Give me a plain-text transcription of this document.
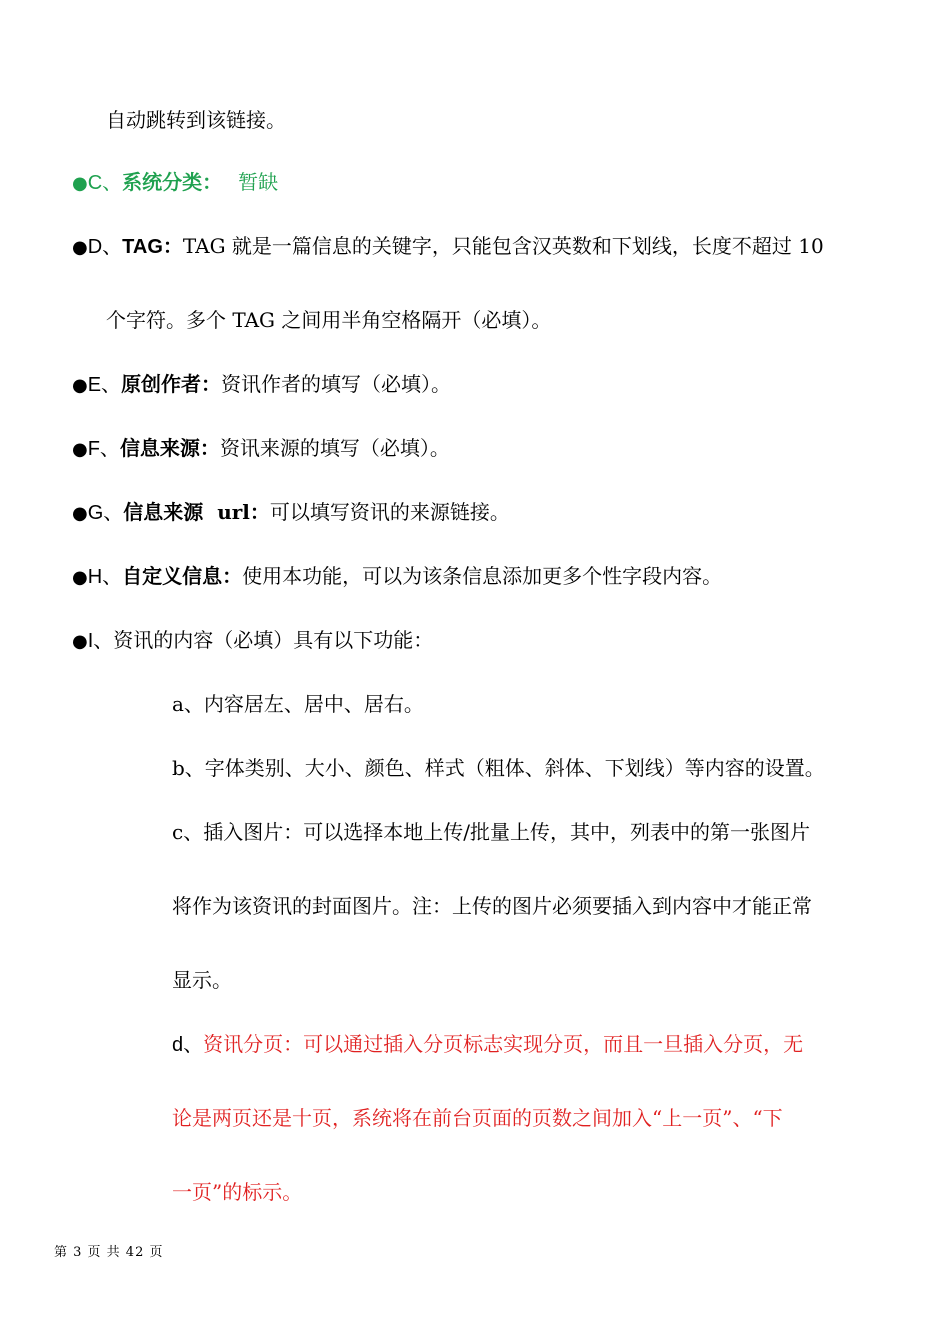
自动跳转到该链接。
●C、系统分类： 暂缺
●D、TAG： TAG 就是一篇信息的关键字，只能包含汉英数和下划线，长度不超过 10
个字符。多个 TAG 之间用半角空格隔开（必填）。
●E、原创作者：资讯作者的填写（必填）。
●F、信息来源：资讯来源的填写（必填）。
●G、信息来源  url：可以填写资讯的来源链接。
●H、自定义信息：使用本功能，可以为该条信息添加更多个性字段内容。
●I、资讯的内容（必填）具有以下功能：
a、内容居左、居中、居右。
b、字体类别、大小、颜色、样式（粗体、斜体、下划线）等内容的设置。
c、插入图片：可以选择本地上传/批量上传，其中，列表中的第一张图片
将作为该资讯的封面图片。注：上传的图片必须要插入到内容中才能正常
显示。
d、资讯分页：可以通过插入分页标志实现分页，而且一旦插入分页，无
论是两页还是十页，系统将在前台页面的页数之间加入“上一页”、“下
一页”的标示。
第 3 页 共 42 页
